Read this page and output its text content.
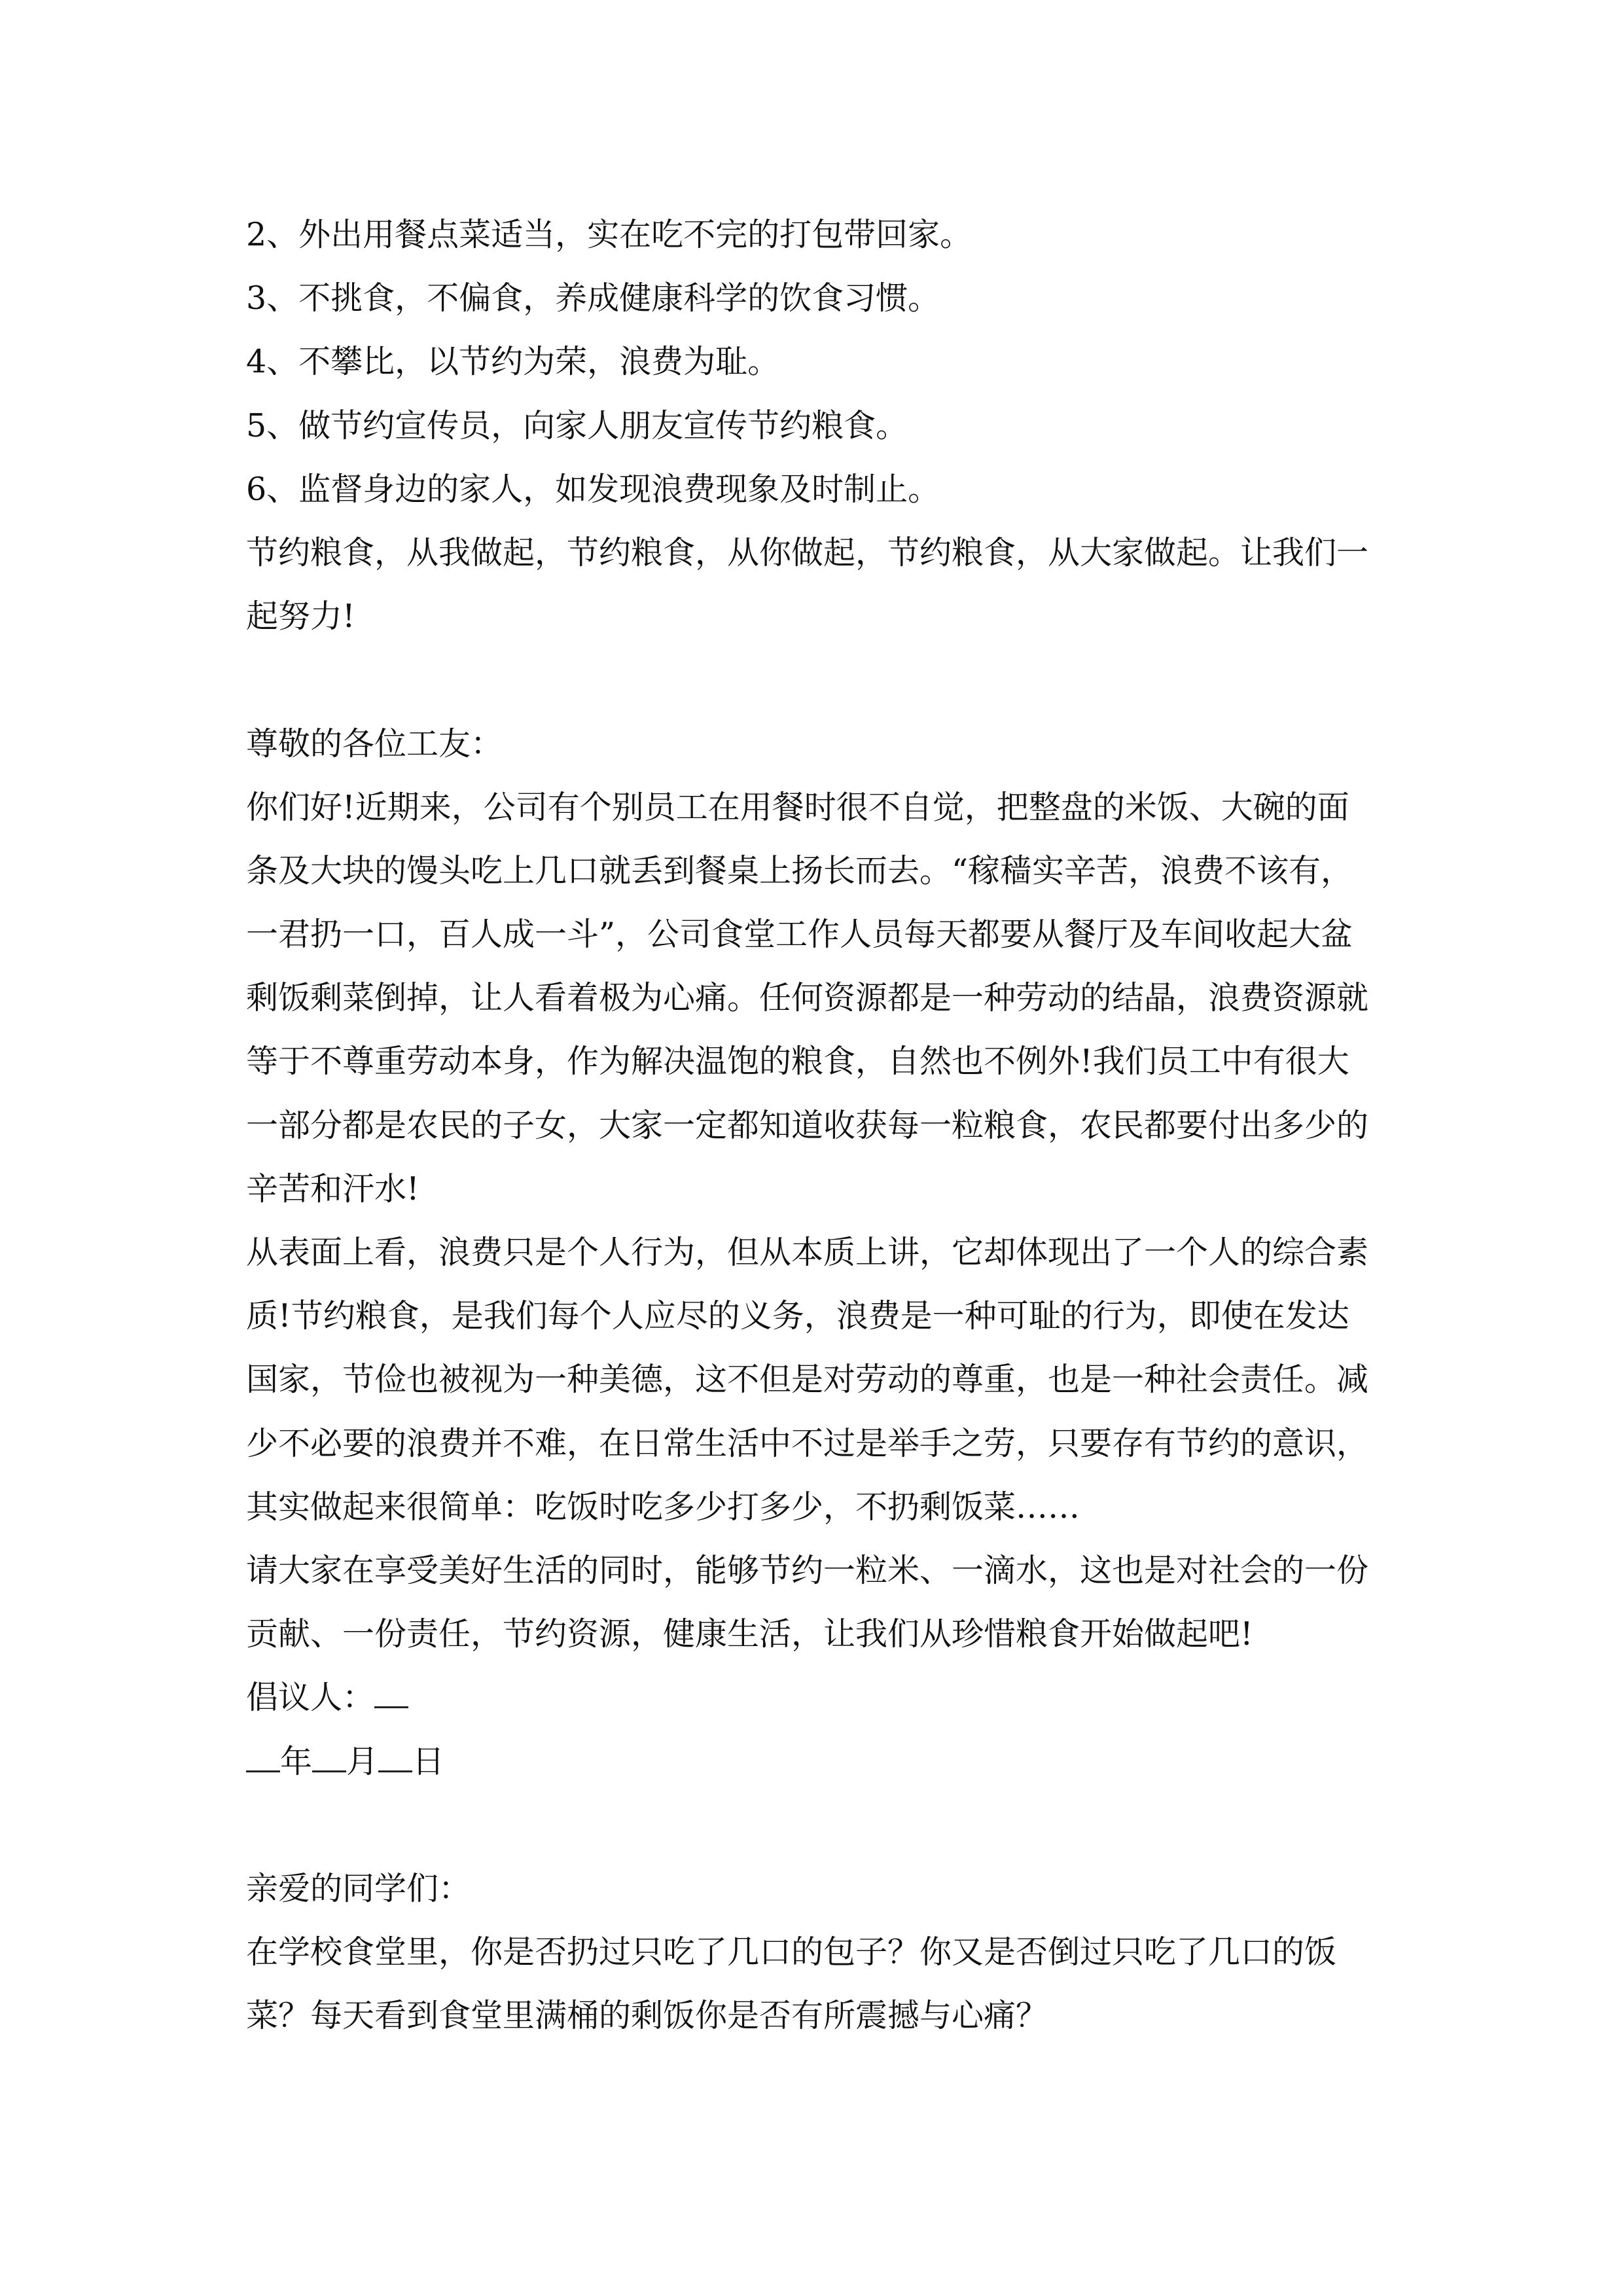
2、外出用餐点菜适当，实在吃不完的打包带回家。

3、不挑食，不偏食，养成健康科学的饮食习惯。

4、不攀比，以节约为荣，浪费为耻。

5、做节约宣传员，向家人朋友宣传节约粮食。

6、监督身边的家人，如发现浪费现象及时制止。

节约粮食，从我做起，节约粮食，从你做起，节约粮食，从大家做起。让我们一

起努力!

尊敬的各位工友：

你们好!近期来，公司有个别员工在用餐时很不自觉，把整盘的米饭、大碗的面

条及大块的馒头吃上几口就丢到餐桌上扬长而去。“稼穑实辛苦，浪费不该有，

一君扔一口，百人成一斗”，公司食堂工作人员每天都要从餐厅及车间收起大盆

剩饭剩菜倒掉，让人看着极为心痛。任何资源都是一种劳动的结晶，浪费资源就

等于不尊重劳动本身，作为解决温饱的粮食，自然也不例外!我们员工中有很大

一部分都是农民的子女，大家一定都知道收获每一粒粮食，农民都要付出多少的

辛苦和汗水!

从表面上看，浪费只是个人行为，但从本质上讲，它却体现出了一个人的综合素

质!节约粮食，是我们每个人应尽的义务，浪费是一种可耻的行为，即使在发达

国家，节俭也被视为一种美德，这不但是对劳动的尊重，也是一种社会责任。减

少不必要的浪费并不难，在日常生活中不过是举手之劳，只要存有节约的意识，

其实做起来很简单：吃饭时吃多少打多少，不扔剩饭菜……

请大家在享受美好生活的同时，能够节约一粒米、一滴水，这也是对社会的一份

贡献、一份责任，节约资源，健康生活，让我们从珍惜粮食开始做起吧!

倡议人：

年 月 日

亲爱的同学们：

在学校食堂里，你是否扔过只吃了几口的包子？你又是否倒过只吃了几口的饭

菜？每天看到食堂里满桶的剩饭你是否有所震撼与心痛？
